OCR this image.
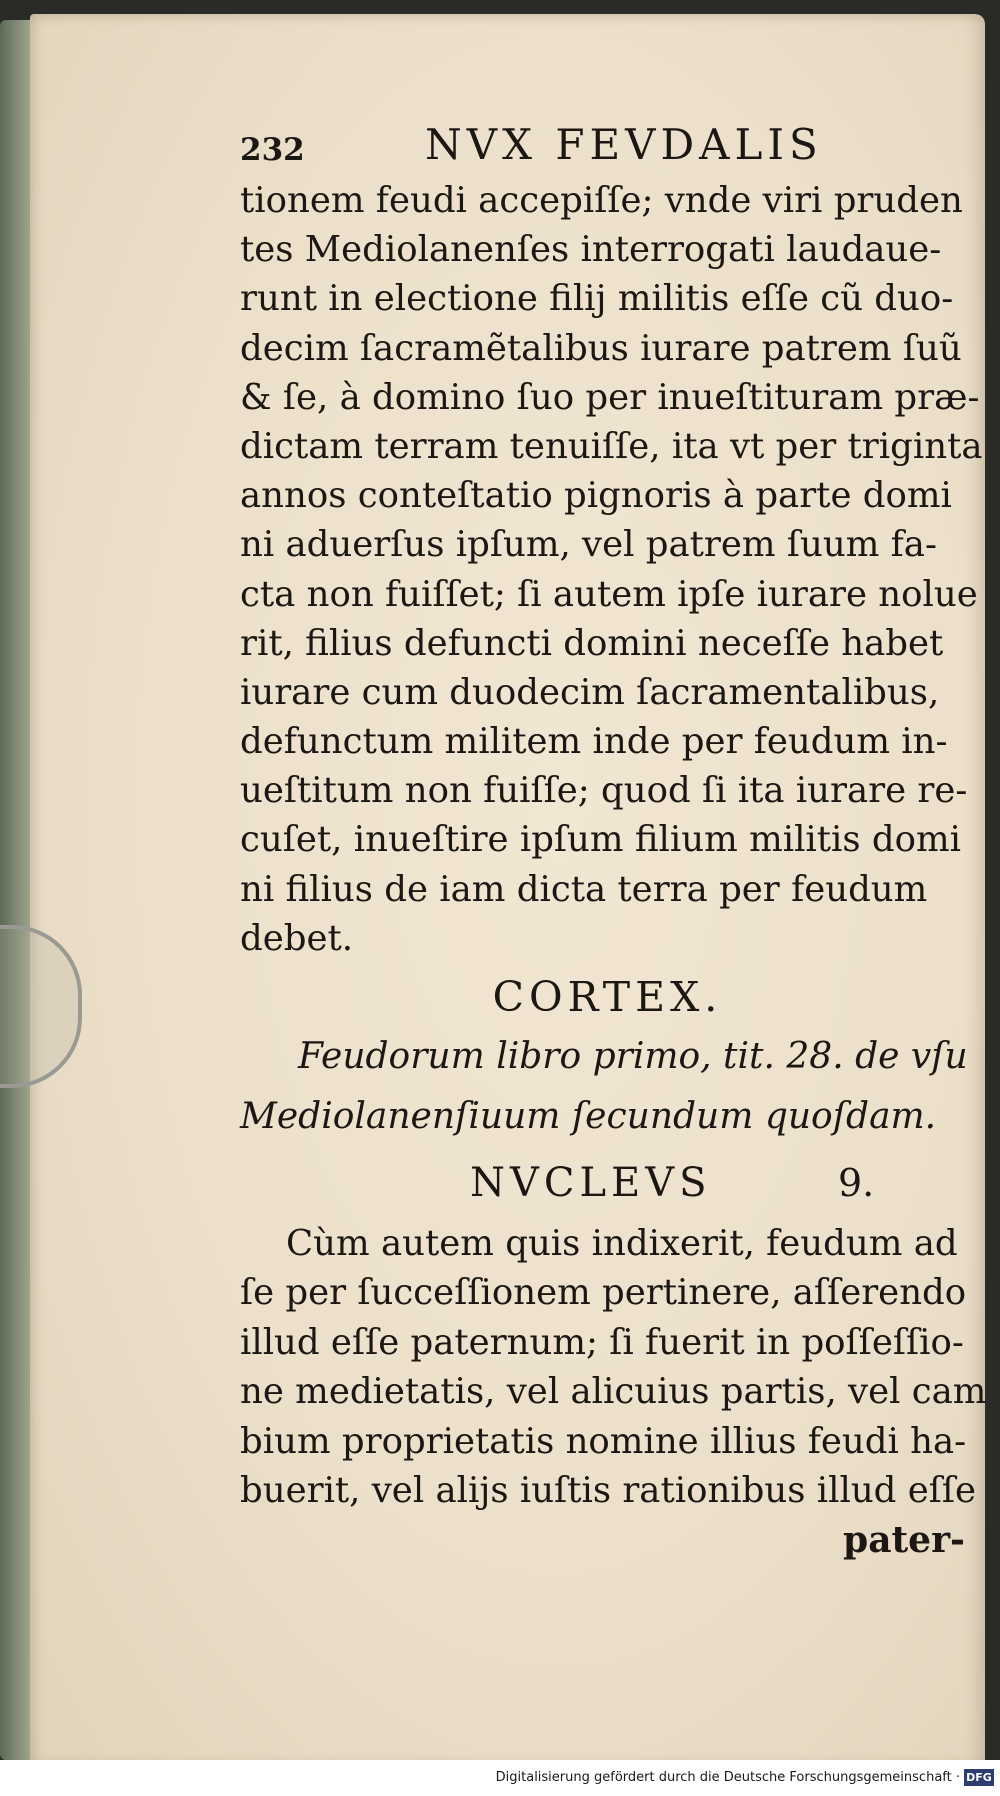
232	NVX FEVDALIS
tionem feudi accepiſſe; vnde viri pruden
tes Mediolanenſes interrogati laudaue-
runt in electione filij militis eſſe cũ duo-
decim ſacramẽtalibus iurare patrem ſuũ
& ſe, à domino ſuo per inueſtituram præ-
dictam terram tenuiſſe, ita vt per triginta
annos conteſtatio pignoris à parte domi
ni aduerſus ipſum, vel patrem ſuum fa-
cta non fuiſſet; ſi autem ipſe iurare nolue
rit, filius defuncti domini neceſſe habet
iurare cum duodecim ſacramentalibus,
defunctum militem inde per feudum in-
ueſtitum non fuiſſe; quod ſi ita iurare re-
cuſet, inueſtire ipſum filium militis domi
ni filius de iam dicta terra per feudum
debet.
CORTEX.
Feudorum libro primo, tit. 28. de vſu
Mediolanenſiuum ſecundum quoſdam.
NVCLEVS	9.
Cùm autem quis indixerit, feudum ad
ſe per ſucceſſionem pertinere, aſſerendo
illud eſſe paternum; ſi fuerit in poſſeſſio-
ne medietatis, vel alicuius partis, vel cam
bium proprietatis nomine illius feudi ha-
buerit, vel alijs iuſtis rationibus illud eſſe
pater-
Digitalisierung gefördert durch die Deutsche Forschungsgemeinschaft · DFG
